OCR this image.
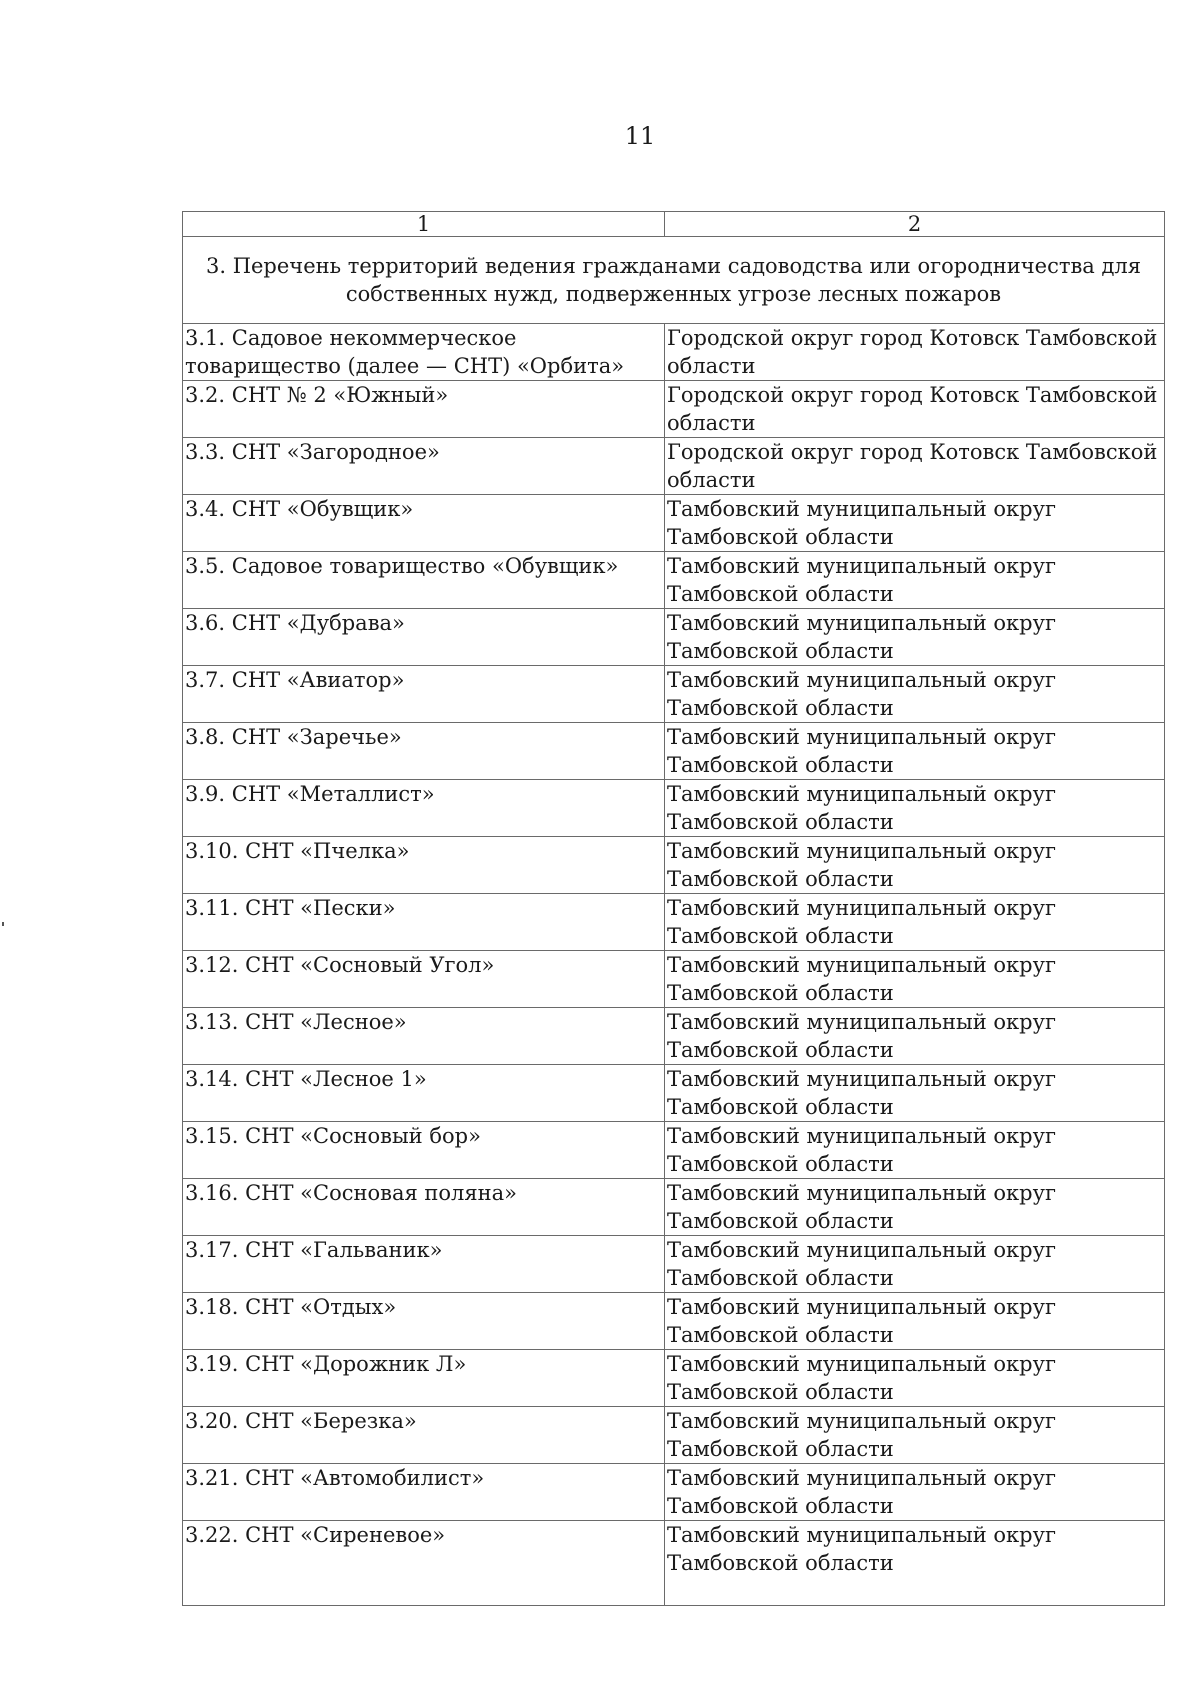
11
1	2
3. Перечень территорий ведения гражданами садоводства или огородничества для собственных нужд, подверженных угрозе лесных пожаров	
3.1. Садовое некоммерческое товарищество (далее — СНТ) «Орбита»	Городской округ город Котовск Тамбовской области
3.2. СНТ № 2 «Южный»	Городской округ город Котовск Тамбовской области
3.3. СНТ «Загородное»	Городской округ город Котовск Тамбовской области
3.4. СНТ «Обувщик»	Тамбовский муниципальный округ Тамбовской области
3.5. Садовое товарищество «Обувщик»	Тамбовский муниципальный округ Тамбовской области
3.6. СНТ «Дубрава»	Тамбовский муниципальный округ Тамбовской области
3.7. СНТ «Авиатор»	Тамбовский муниципальный округ Тамбовской области
3.8. СНТ «Заречье»	Тамбовский муниципальный округ Тамбовской области
3.9. СНТ «Металлист»	Тамбовский муниципальный округ Тамбовской области
3.10. СНТ «Пчелка»	Тамбовский муниципальный округ Тамбовской области
3.11. СНТ «Пески»	Тамбовский муниципальный округ Тамбовской области
3.12. СНТ «Сосновый Угол»	Тамбовский муниципальный округ Тамбовской области
3.13. СНТ «Лесное»	Тамбовский муниципальный округ Тамбовской области
3.14. СНТ «Лесное 1»	Тамбовский муниципальный округ Тамбовской области
3.15. СНТ «Сосновый бор»	Тамбовский муниципальный округ Тамбовской области
3.16. СНТ «Сосновая поляна»	Тамбовский муниципальный округ Тамбовской области
3.17. СНТ «Гальваник»	Тамбовский муниципальный округ Тамбовской области
3.18. СНТ «Отдых»	Тамбовский муниципальный округ Тамбовской области
3.19. СНТ «Дорожник Л»	Тамбовский муниципальный округ Тамбовской области
3.20. СНТ «Березка»	Тамбовский муниципальный округ Тамбовской области
3.21. СНТ «Автомобилист»	Тамбовский муниципальный округ Тамбовской области
3.22. СНТ «Сиреневое»	Тамбовский муниципальный округ Тамбовской области
